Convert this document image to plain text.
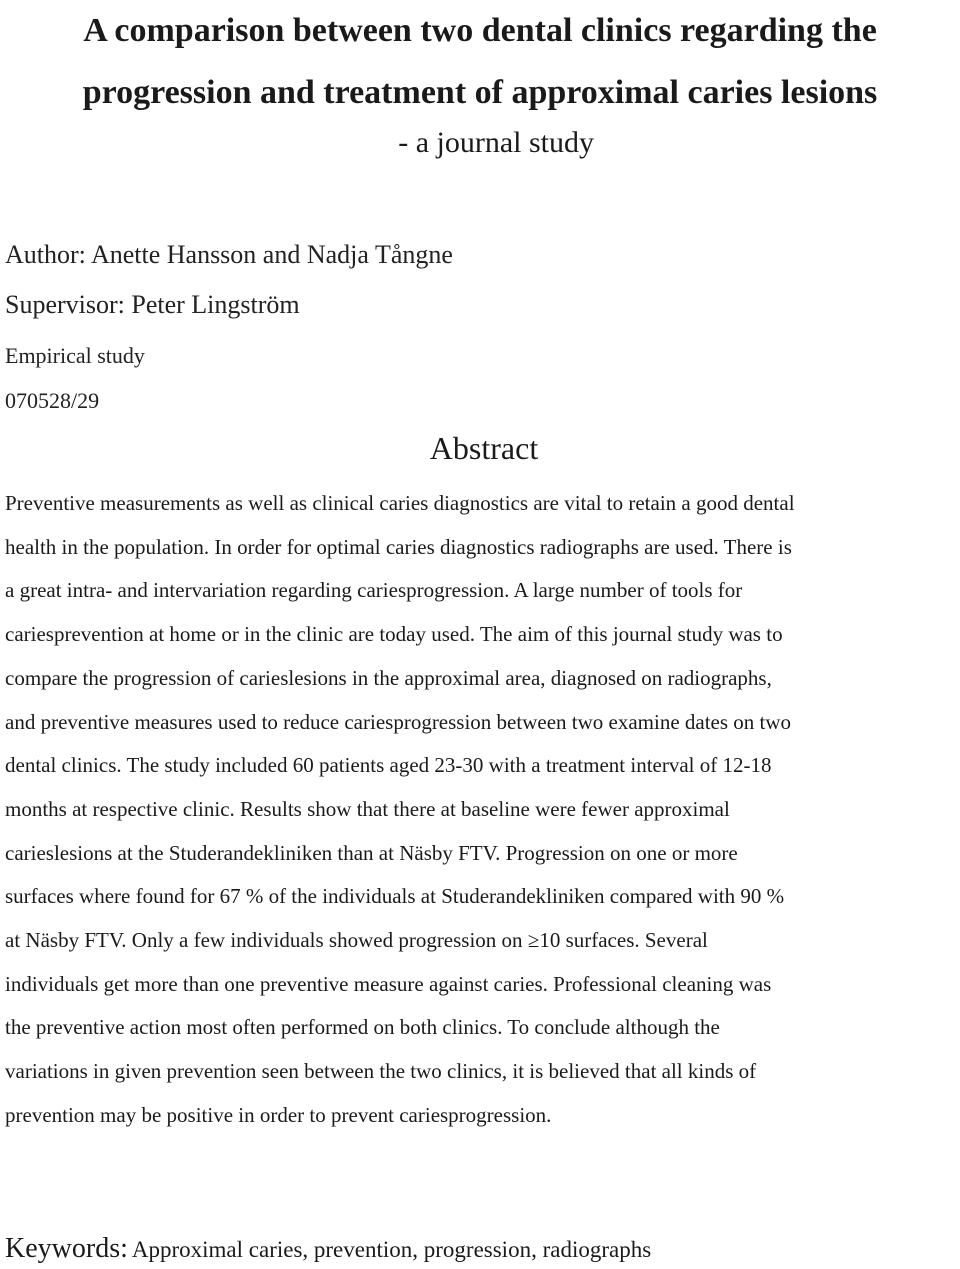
A comparison between two dental clinics regarding the
progression and treatment of approximal caries lesions

- a journal study

Author: Anette Hansson and Nadja Tångne

Supervisor: Peter Lingström

Empirical study

070528/29

Abstract
Preventive measurements as well as clinical caries diagnostics are vital to retain a good dental
health in the population. In order for optimal caries diagnostics radiographs are used. There is
a great intra- and intervariation regarding cariesprogression. A large number of tools for
cariesprevention at home or in the clinic are today used. The aim of this journal study was to
compare the progression of carieslesions in the approximal area, diagnosed on radiographs,
and preventive measures used to reduce cariesprogression between two examine dates on two
dental clinics. The study included 60 patients aged 23-30 with a treatment interval of 12-18
months at respective clinic. Results show that there at baseline were fewer approximal
carieslesions at the Studerandekliniken than at Näsby FTV. Progression on one or more
surfaces where found for 67 % of the individuals at Studerandekliniken compared with 90 %
at Näsby FTV. Only a few individuals showed progression on ≥10 surfaces. Several
individuals get more than one preventive measure against caries. Professional cleaning was
the preventive action most often performed on both clinics. To conclude although the
variations in given prevention seen between the two clinics, it is believed that all kinds of
prevention may be positive in order to prevent cariesprogression.

Keywords: Approximal caries, prevention, progression, radiographs
